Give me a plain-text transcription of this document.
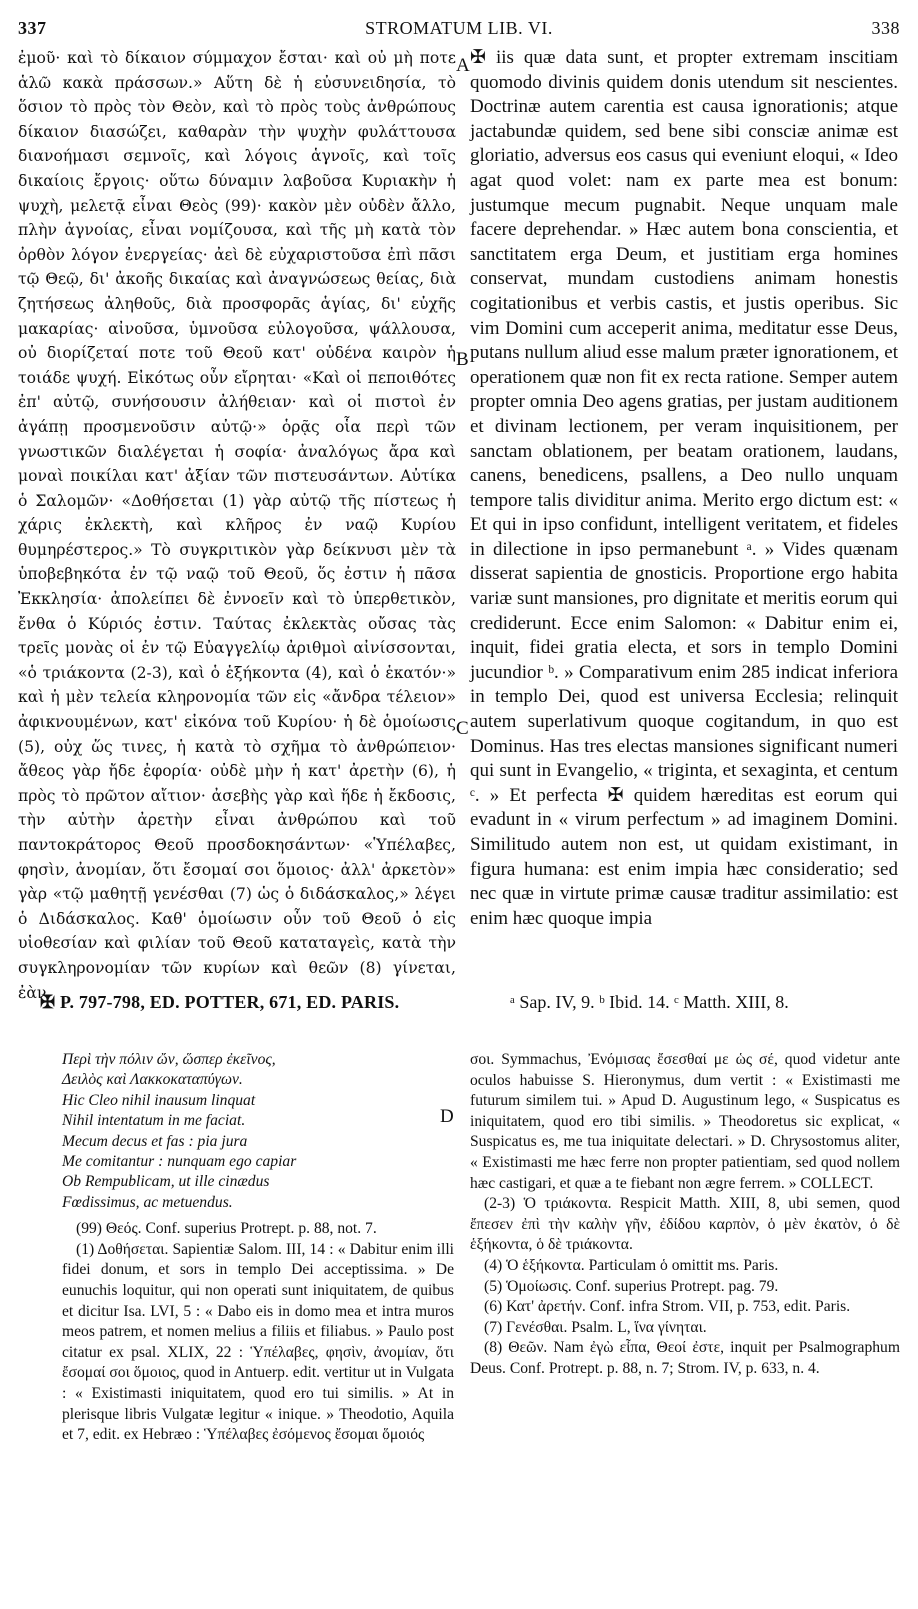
337	STROMATUM LIB. VI.	338

ἐμοῦ· καὶ τὸ δίκαιον σύμμαχον ἔσται· καὶ οὐ μὴ ποτε ἁλῶ κακὰ πράσσων.» Αὕτη δὲ ἡ εὐσυνειδησία, τὸ ὅσιον τὸ πρὸς τὸν Θεὸν, καὶ τὸ πρὸς τοὺς ἀνθρώπους δίκαιον διασώζει, καθαρὰν τὴν ψυχὴν φυλάττουσα διανοήμασι σεμνοῖς, καὶ λόγοις ἁγνοῖς, καὶ τοῖς δικαίοις ἔργοις· οὕτω δύναμιν λαβοῦσα Κυριακὴν ἡ ψυχὴ, μελετᾷ εἶναι Θεὸς (99)· κακὸν μὲν οὐδὲν ἄλλο, πλὴν ἀγνοίας, εἶναι νομίζουσα, καὶ τῆς μὴ κατὰ τὸν ὀρθὸν λόγον ἐνεργείας· ἀεὶ δὲ εὐχαριστοῦσα ἐπὶ πᾶσι τῷ Θεῷ, δι' ἀκοῆς δικαίας καὶ ἀναγνώσεως θείας, διὰ ζητήσεως ἀληθοῦς, διὰ προσφορᾶς ἁγίας, δι' εὐχῆς μακαρίας· αἰνοῦσα, ὑμνοῦσα εὐλογοῦσα, ψάλλουσα, οὐ διορίζεταί ποτε τοῦ Θεοῦ κατ' οὐδένα καιρὸν ἡ τοιάδε ψυχή. Εἰκότως οὖν εἴρηται· «Καὶ οἱ πεποιθότες ἐπ' αὐτῷ, συνήσουσιν ἀλήθειαν· καὶ οἱ πιστοὶ ἐν ἀγάπῃ προσμενοῦσιν αὐτῷ·» ὁρᾷς οἷα περὶ τῶν γνωστικῶν διαλέγεται ἡ σοφία· ἀναλόγως ἄρα καὶ μοναὶ ποικίλαι κατ' ἀξίαν τῶν πιστευσάντων. Αὐτίκα ὁ Σαλομῶν· «Δοθήσεται (1) γὰρ αὐτῷ τῆς πίστεως ἡ χάρις ἐκλεκτὴ, καὶ κλῆρος ἐν ναῷ Κυρίου θυμηρέστερος.» Τὸ συγκριτικὸν γὰρ δείκνυσι μὲν τὰ ὑποβεβηκότα ἐν τῷ ναῷ τοῦ Θεοῦ, ὅς ἐστιν ἡ πᾶσα Ἐκκλησία· ἀπολείπει δὲ ἐννοεῖν καὶ τὸ ὑπερθετικὸν, ἔνθα ὁ Κύριός ἐστιν. Ταύτας ἐκλεκτὰς οὔσας τὰς τρεῖς μονὰς οἱ ἐν τῷ Εὐαγγελίῳ ἀριθμοὶ αἰνίσσονται, «ὁ τριάκοντα (2-3), καὶ ὁ ἑξήκοντα (4), καὶ ὁ ἑκατόν·» καὶ ἡ μὲν τελεία κληρονομία τῶν εἰς «ἄνδρα τέλειον» ἀφικνουμένων, κατ' εἰκόνα τοῦ Κυρίου· ἡ δὲ ὁμοίωσις (5), οὐχ ὥς τινες, ἡ κατὰ τὸ σχῆμα τὸ ἀνθρώπειον· ἄθεος γὰρ ἤδε ἐφορία· οὐδὲ μὴν ἡ κατ' ἀρετὴν (6), ἡ πρὸς τὸ πρῶτον αἴτιον· ἀσεβὴς γὰρ καὶ ἥδε ἡ ἔκδοσις, τὴν αὐτὴν ἀρετὴν εἶναι ἀνθρώπου καὶ τοῦ παντοκράτορος Θεοῦ προσδοκησάντων· «Ὑπέλαβες, φησὶν, ἀνομίαν, ὅτι ἔσομαί σοι ὅμοιος· ἀλλ' ἀρκετὸν» γὰρ «τῷ μαθητῇ γενέσθαι (7) ὡς ὁ διδάσκαλος,» λέγει ὁ Διδάσκαλος. Καθ' ὁμοίωσιν οὖν τοῦ Θεοῦ ὁ εἰς υἱοθεσίαν καὶ φιλίαν τοῦ Θεοῦ καταταγεὶς, κατὰ τὴν συγκληρονομίαν τῶν κυρίων καὶ θεῶν (8) γίνεται, ἐὰν,

A
B
C
D

✠ iis quæ data sunt, et propter extremam inscitiam quomodo divinis quidem donis utendum sit nescientes. Doctrinæ autem carentia est causa ignorationis; atque jactabundæ quidem, sed bene sibi consciæ animæ est gloriatio, adversus eos casus qui eveniunt eloqui, « Ideo agat quod volet: nam ex parte mea est bonum: justumque mecum pugnabit. Neque unquam male facere deprehendar. » Hæc autem bona conscientia, et sanctitatem erga Deum, et justitiam erga homines conservat, mundam custodiens animam honestis cogitationibus et verbis castis, et justis operibus. Sic vim Domini cum acceperit anima, meditatur esse Deus, putans nullum aliud esse malum præter ignorationem, et operationem quæ non fit ex recta ratione. Semper autem propter omnia Deo agens gratias, per justam auditionem et divinam lectionem, per veram inquisitionem, per sanctam oblationem, per beatam orationem, laudans, canens, benedicens, psallens, a Deo nullo unquam tempore talis dividitur anima. Merito ergo dictum est: « Et qui in ipso confidunt, intelligent veritatem, et fideles in dilectione in ipso permanebunt ᵃ. » Vides quænam disserat sapientia de gnosticis. Proportione ergo habita variæ sunt mansiones, pro dignitate et meritis eorum qui crediderunt. Ecce enim Salomon: « Dabitur enim ei, inquit, fidei gratia electa, et sors in templo Domini jucundior ᵇ. » Comparativum enim 285 indicat inferiora in templo Dei, quod est universa Ecclesia; relinquit autem superlativum quoque cogitandum, in quo est Dominus. Has tres electas mansiones significant numeri qui sunt in Evangelio, « triginta, et sexaginta, et centum ᶜ. » Et perfecta ✠ quidem hæreditas est eorum qui evadunt in « virum perfectum » ad imaginem Domini. Similitudo autem non est, ut quidam existimant, in figura humana: est enim impia hæc consideratio; sed nec quæ in virtute primæ causæ traditur assimilatio: est enim hæc quoque impia

✠ P. 797-798, ED. POTTER, 671, ED. PARIS.	ᵃ Sap. IV, 9. ᵇ Ibid. 14. ᶜ Matth. XIII, 8.
Περὶ τὴν πόλιν ὤν, ὥσπερ ἐκεῖνος,
Δειλὸς καὶ Λακκοκαταπύγων.
Hic Cleo nihil inausum linquat
Nihil intentatum in me faciat.
Mecum decus et fas : pia jura
Me comitantur : nunquam ego capiar
Ob Rempublicam, ut ille cinædus
Fœdissimus, ac metuendus.

(99) Θεός. Conf. superius Protrept. p. 88, not. 7.

(1) Δοθήσεται. Sapientiæ Salom. III, 14 : « Dabitur enim illi fidei donum, et sors in templo Dei acceptissima. » De eunuchis loquitur, qui non operati sunt iniquitatem, de quibus et dicitur Isa. LVI, 5 : « Dabo eis in domo mea et intra muros meos patrem, et nomen melius a filiis et filiabus. » Paulo post citatur ex psal. XLIX, 22 : Ὑπέλαβες, φησὶν, ἀνομίαν, ὅτι ἔσομαί σοι ὅμοιος, quod in Antuerp. edit. vertitur ut in Vulgata : « Existimasti iniquitatem, quod ero tui similis. » At in plerisque libris Vulgatæ legitur « inique. » Theodotio, Aquila et 7, edit. ex Hebræo : Ὑπέλαβες ἐσόμενος ἔσομαι ὅμοιός

σοι. Symmachus, Ἐνόμισας ἔσεσθαί με ὡς σέ, quod videtur ante oculos habuisse S. Hieronymus, dum vertit : « Existimasti me futurum similem tui. » Apud D. Augustinum lego, « Suspicatus es iniquitatem, quod ero tibi similis. » Theodoretus sic explicat, « Suspicatus es, me tua iniquitate delectari. » D. Chrysostomus aliter, « Existimasti me hæc ferre non propter patientiam, sed quod nollem hæc castigari, et quæ a te fiebant non ægre ferrem. » COLLECT.

(2-3) Ὁ τριάκοντα. Respicit Matth. XIII, 8, ubi semen, quod ἔπεσεν ἐπὶ τὴν καλὴν γῆν, ἐδίδου καρπὸν, ὁ μὲν ἑκατὸν, ὁ δὲ ἑξήκοντα, ὁ δὲ τριάκοντα.

(4) Ὁ ἑξήκοντα. Particulam ὁ omittit ms. Paris.

(5) Ὁμοίωσις. Conf. superius Protrept. pag. 79.

(6) Κατ' ἀρετήν. Conf. infra Strom. VII, p. 753, edit. Paris.

(7) Γενέσθαι. Psalm. L, ἵνα γίνηται.

(8) Θεῶν. Nam ἐγὼ εἶπα, Θεοί ἐστε, inquit per Psalmographum Deus. Conf. Protrept. p. 88, n. 7; Strom. IV, p. 633, n. 4.
